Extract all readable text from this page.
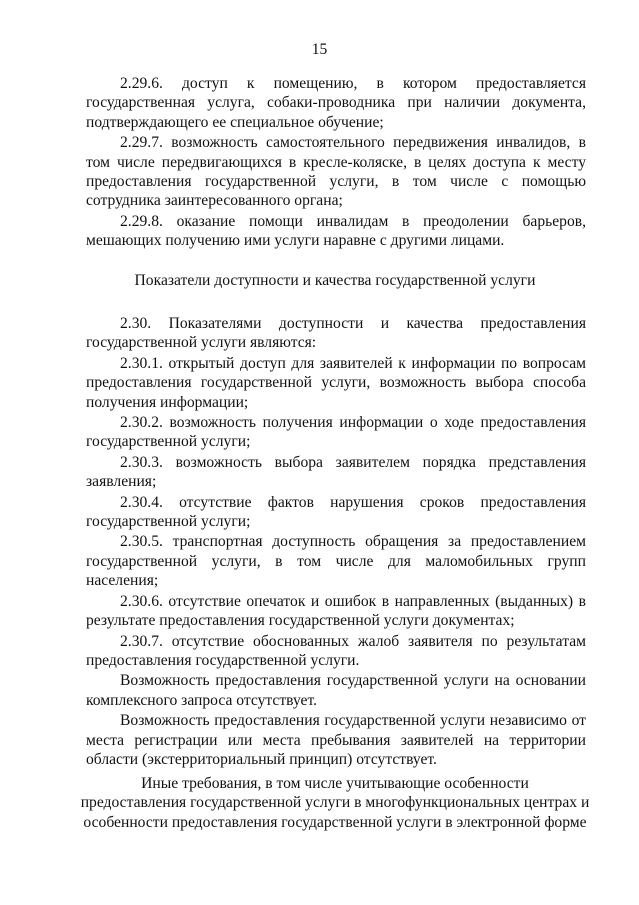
15

2.29.6. доступ к помещению, в котором предоставляется государственная услуга, собаки-проводника при наличии документа, подтверждающего ее специальное обучение;

2.29.7. возможность самостоятельного передвижения инвалидов, в том числе передвигающихся в кресле-коляске, в целях доступа к месту предоставления государственной услуги, в том числе с помощью сотрудника заинтересованного органа;

2.29.8. оказание помощи инвалидам в преодолении барьеров, мешающих получению ими услуги наравне с другими лицами.

Показатели доступности и качества государственной услуги

2.30. Показателями доступности и качества предоставления государственной услуги являются:

2.30.1. открытый доступ для заявителей к информации по вопросам предоставления государственной услуги, возможность выбора способа получения информации;

2.30.2. возможность получения информации о ходе предоставления государственной услуги;

2.30.3. возможность выбора заявителем порядка представления заявления;

2.30.4. отсутствие фактов нарушения сроков предоставления государственной услуги;

2.30.5. транспортная доступность обращения за предоставлением государственной услуги, в том числе для маломобильных групп населения;

2.30.6. отсутствие опечаток и ошибок в направленных (выданных) в результате предоставления государственной услуги документах;

2.30.7. отсутствие обоснованных жалоб заявителя по результатам предоставления государственной услуги.

Возможность предоставления государственной услуги на основании комплексного запроса отсутствует.

Возможность предоставления государственной услуги независимо от места регистрации или места пребывания заявителей на территории области (экстерриториальный принцип) отсутствует.

Иные требования, в том числе учитывающие особенности
предоставления государственной услуги в многофункциональных центрах и
особенности предоставления государственной услуги в электронной форме
